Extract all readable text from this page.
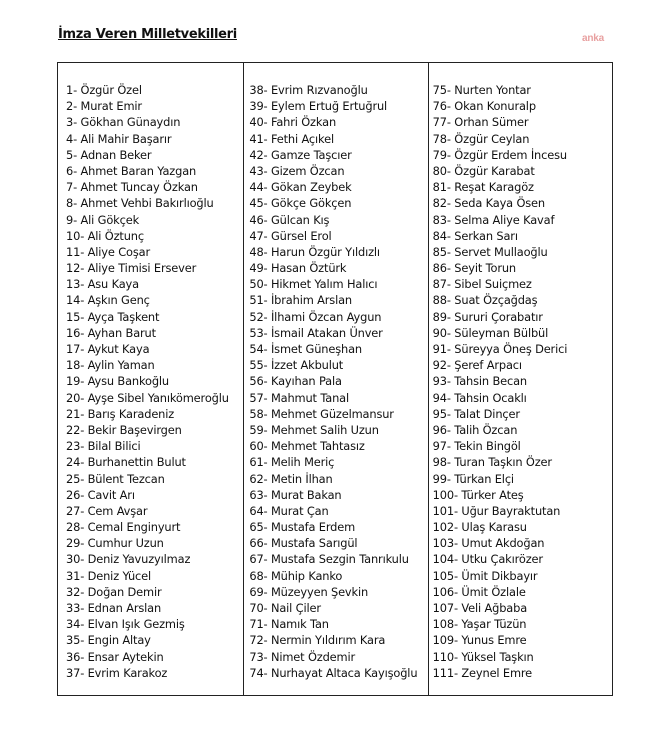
İmza Veren Milletvekilleri	anka
1- Özgür Özel
2- Murat Emir
3- Gökhan Günaydın
4- Ali Mahir Başarır
5- Adnan Beker
6- Ahmet Baran Yazgan
7- Ahmet Tuncay Özkan
8- Ahmet Vehbi Bakırlıoğlu
9- Ali Gökçek
10- Ali Öztunç
11- Aliye Coşar
12- Aliye Timisi Ersever
13- Asu Kaya
14- Aşkın Genç
15- Ayça Taşkent
16- Ayhan Barut
17- Aykut Kaya
18- Aylin Yaman
19- Aysu Bankoğlu
20- Ayşe Sibel Yanıkömeroğlu
21- Barış Karadeniz
22- Bekir Başevirgen
23- Bilal Bilici
24- Burhanettin Bulut
25- Bülent Tezcan
26- Cavit Arı
27- Cem Avşar
28- Cemal Enginyurt
29- Cumhur Uzun
30- Deniz Yavuzyılmaz
31- Deniz Yücel
32- Doğan Demir
33- Ednan Arslan
34- Elvan Işık Gezmiş
35- Engin Altay
36- Ensar Aytekin
37- Evrim Karakoz
38- Evrim Rızvanoğlu
39- Eylem Ertuğ Ertuğrul
40- Fahri Özkan
41- Fethi Açıkel
42- Gamze Taşcıer
43- Gizem Özcan
44- Gökan Zeybek
45- Gökçe Gökçen
46- Gülcan Kış
47- Gürsel Erol
48- Harun Özgür Yıldızlı
49- Hasan Öztürk
50- Hikmet Yalım Halıcı
51- İbrahim Arslan
52- İlhami Özcan Aygun
53- İsmail Atakan Ünver
54- İsmet Güneşhan
55- İzzet Akbulut
56- Kayıhan Pala
57- Mahmut Tanal
58- Mehmet Güzelmansur
59- Mehmet Salih Uzun
60- Mehmet Tahtasız
61- Melih Meriç
62- Metin İlhan
63- Murat Bakan
64- Murat Çan
65- Mustafa Erdem
66- Mustafa Sarıgül
67- Mustafa Sezgin Tanrıkulu
68- Mühip Kanko
69- Müzeyyen Şevkin
70- Nail Çiler
71- Namık Tan
72- Nermin Yıldırım Kara
73- Nimet Özdemir
74- Nurhayat Altaca Kayışoğlu
75- Nurten Yontar
76- Okan Konuralp
77- Orhan Sümer
78- Özgür Ceylan
79- Özgür Erdem İncesu
80- Özgür Karabat
81- Reşat Karagöz
82- Seda Kaya Ösen
83- Selma Aliye Kavaf
84- Serkan Sarı
85- Servet Mullaoğlu
86- Seyit Torun
87- Sibel Suiçmez
88- Suat Özçağdaş
89- Sururi Çorabatır
90- Süleyman Bülbül
91- Süreyya Öneş Derici
92- Şeref Arpacı
93- Tahsin Becan
94- Tahsin Ocaklı
95- Talat Dinçer
96- Talih Özcan
97- Tekin Bingöl
98- Turan Taşkın Özer
99- Türkan Elçi
100- Türker Ateş
101- Uğur Bayraktutan
102- Ulaş Karasu
103- Umut Akdoğan
104- Utku Çakırözer
105- Ümit Dikbayır
106- Ümit Özlale
107- Veli Ağbaba
108- Yaşar Tüzün
109- Yunus Emre
110- Yüksel Taşkın
111- Zeynel Emre
